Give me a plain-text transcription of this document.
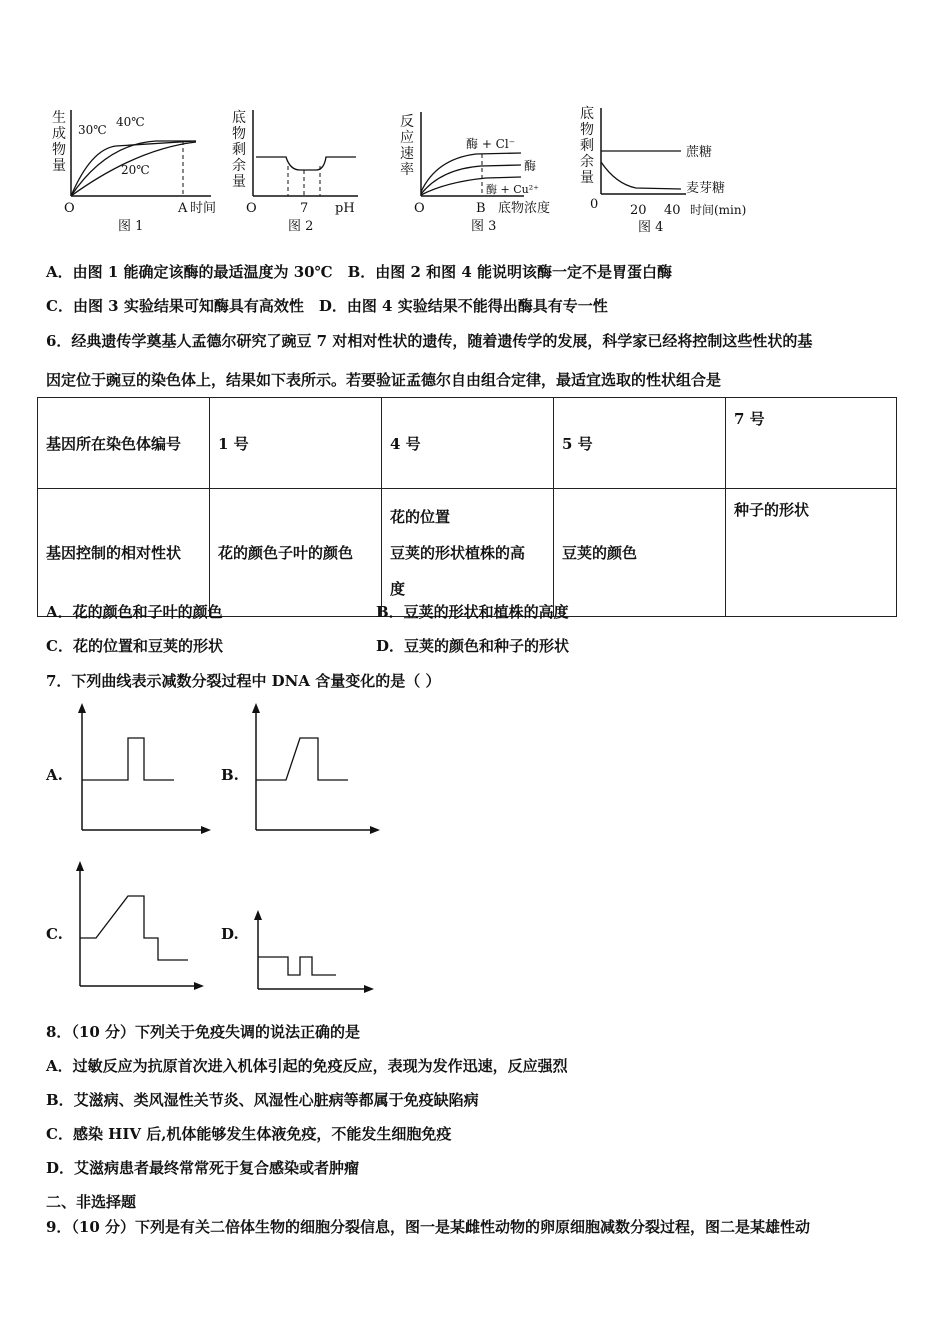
生
成
物
量
30℃
40℃
20℃
O	A 时间
图 1
底
物
剩
余
量
O	7 pH
图 2
反
应
速
率
酶 + Cl⁻
酶
酶 + Cu²⁺
O	B 底物浓度
图 3
底
物
剩
余
量
蔗糖
麦芽糖
0 20 40 时间(min)
图 4
A．由图 1 能确定该酶的最适温度为 30℃　B．由图 2 和图 4 能说明该酶一定不是胃蛋白酶
C．由图 3 实验结果可知酶具有高效性　D．由图 4 实验结果不能得出酶具有专一性
6．经典遗传学奠基人孟德尔研究了豌豆 7 对相对性状的遗传，随着遗传学的发展，科学家已经将控制这些性状的基
因定位于豌豆的染色体上，结果如下表所示。若要验证孟德尔自由组合定律，最适宜选取的性状组合是
基因所在染色体编号	1 号	4 号	5 号	7 号
基因控制的相对性状	花的颜色子叶的颜色	花的位置
豆荚的形状植株的高
度	豆荚的颜色	种子的形状
A．花的颜色和子叶的颜色	B．豆荚的形状和植株的高度
C．花的位置和豆荚的形状	D．豆荚的颜色和种子的形状
7．下列曲线表示减数分裂过程中 DNA 含量变化的是（ ）
A.	B.
C.	D.
8．（10 分）下列关于免疫失调的说法正确的是
A．过敏反应为抗原首次进入机体引起的免疫反应，表现为发作迅速，反应强烈
B．艾滋病、类风湿性关节炎、风湿性心脏病等都属于免疫缺陷病
C．感染 HIV 后,机体能够发生体液免疫，不能发生细胞免疫
D．艾滋病患者最终常常死于复合感染或者肿瘤
二、非选择题
9．（10 分）下列是有关二倍体生物的细胞分裂信息，图一是某雌性动物的卵原细胞减数分裂过程，图二是某雄性动
